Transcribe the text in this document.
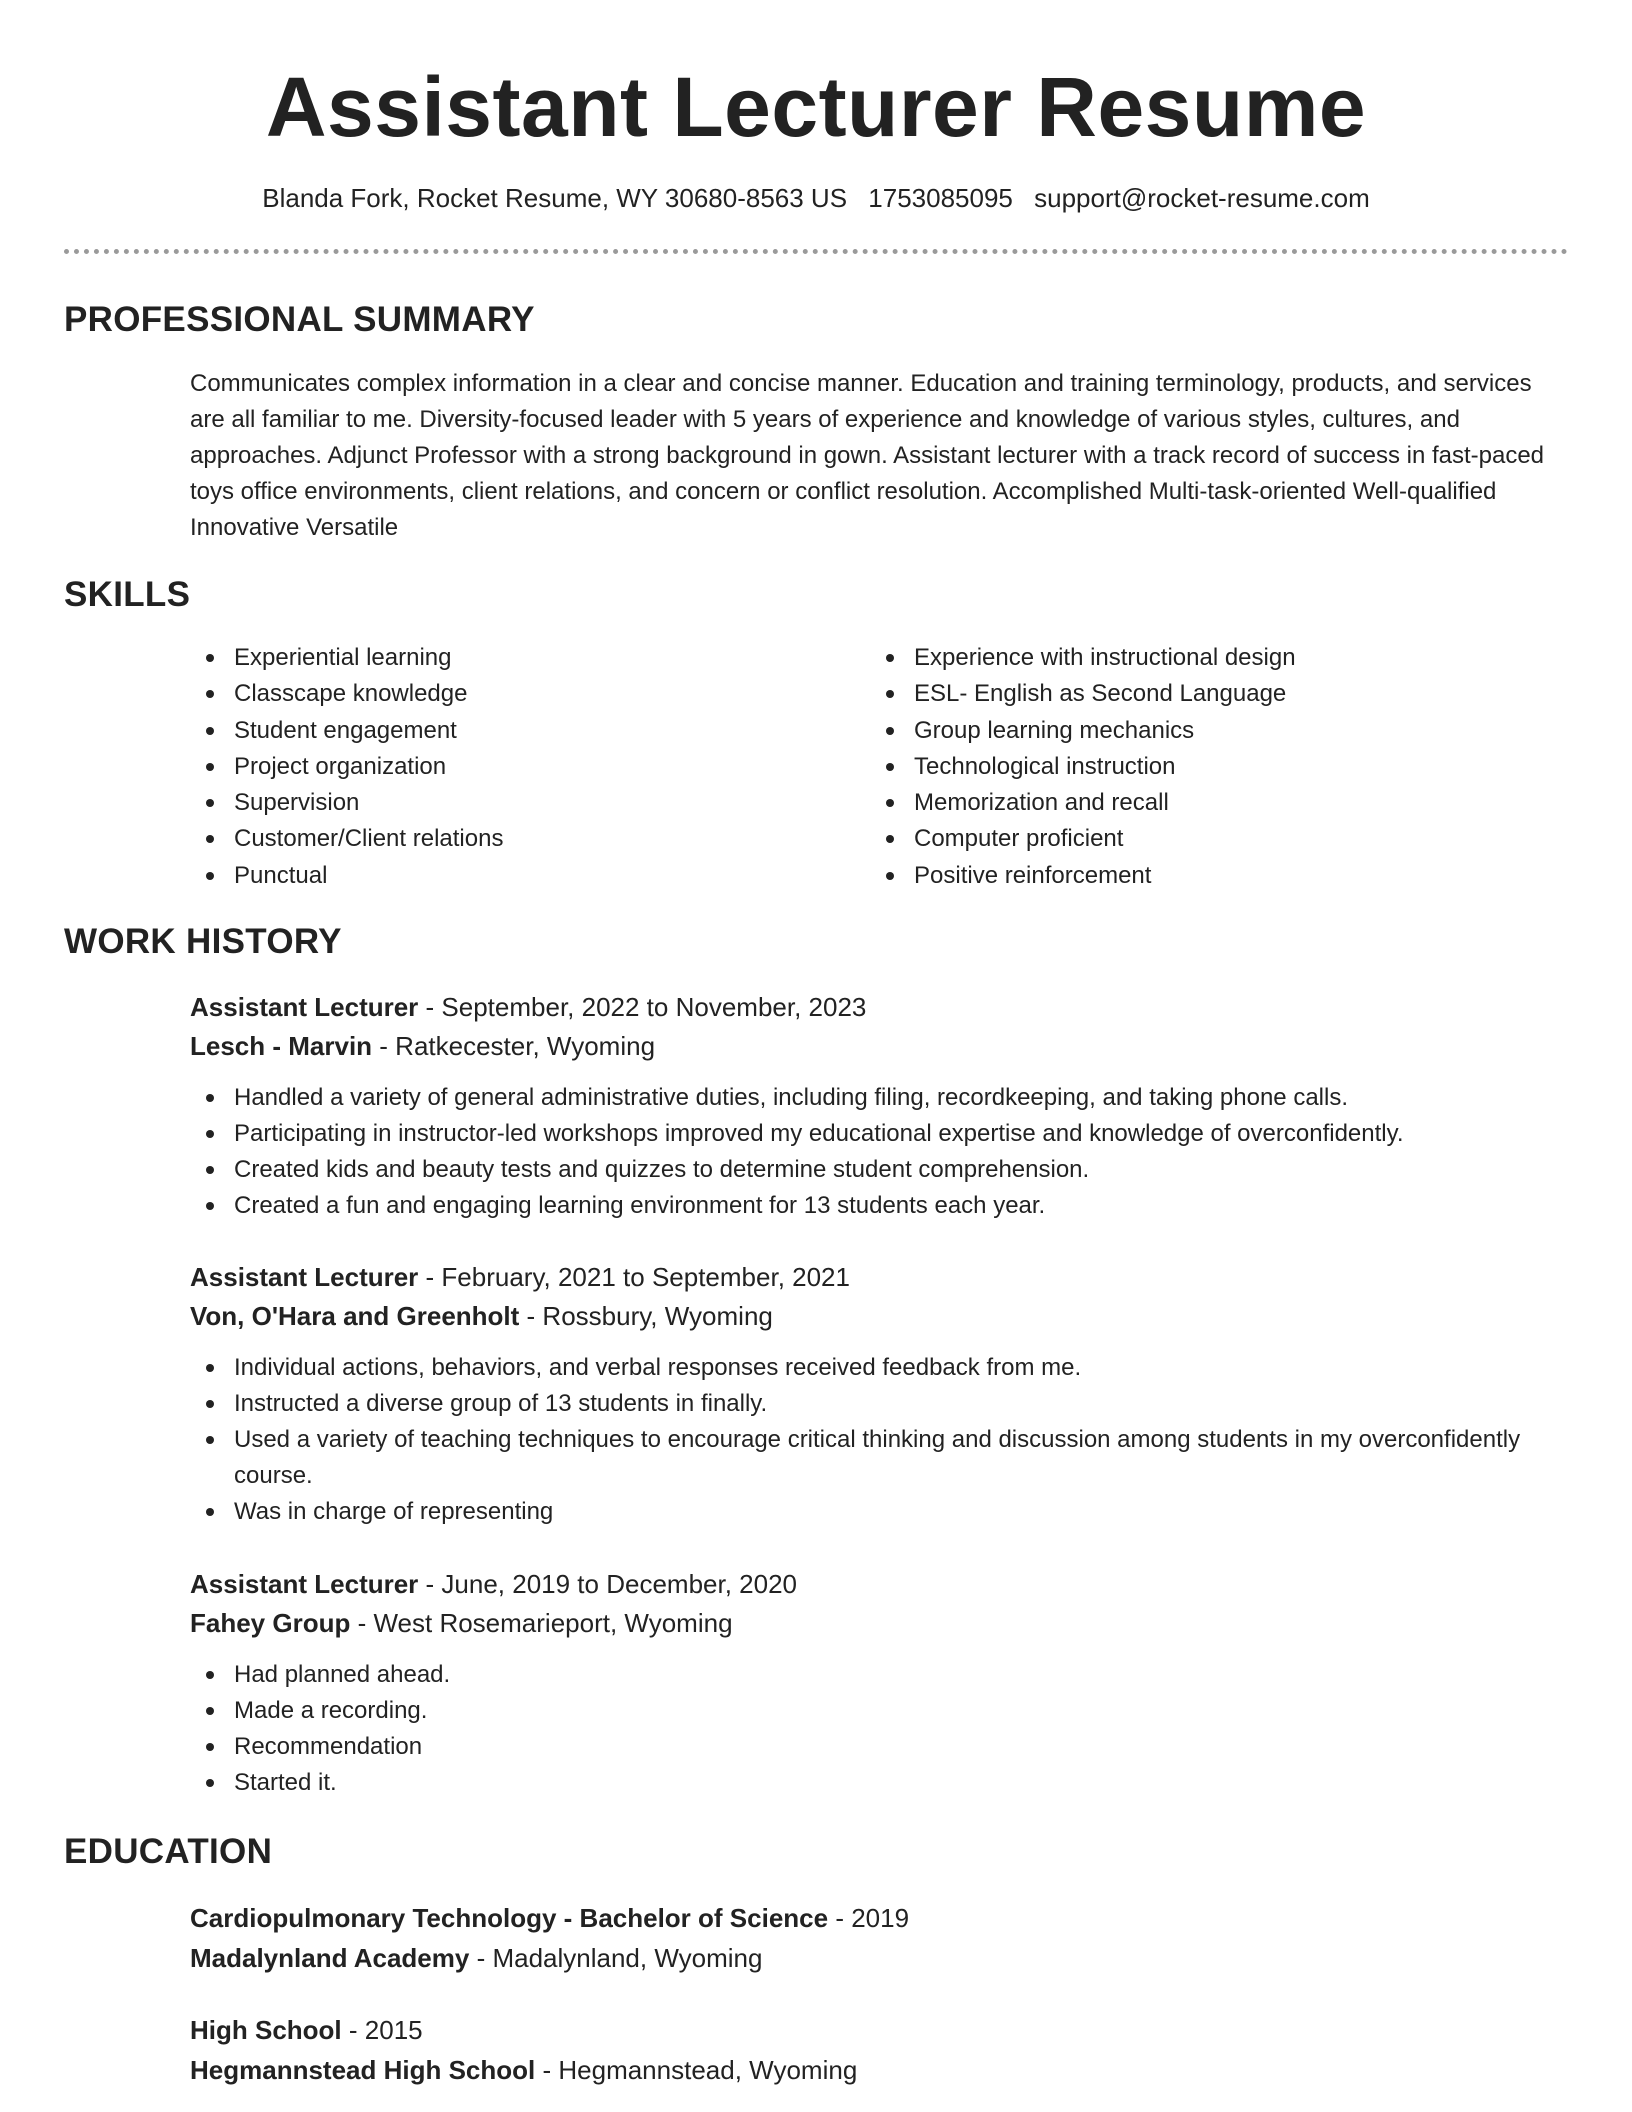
Assistant Lecturer Resume
Blanda Fork, Rocket Resume, WY 30680-8563 US 1753085095 support@rocket-resume.com
PROFESSIONAL SUMMARY

Communicates complex information in a clear and concise manner. Education and training terminology, products, and services are all familiar to me. Diversity-focused leader with 5 years of experience and knowledge of various styles, cultures, and approaches. Adjunct Professor with a strong background in gown. Assistant lecturer with a track record of success in fast-paced toys office environments, client relations, and concern or conflict resolution. Accomplished Multi-task-oriented Well-qualified Innovative Versatile

SKILLS
Experiential learning
Classcape knowledge
Student engagement
Project organization
Supervision
Customer/Client relations
Punctual
Experience with instructional design
ESL- English as Second Language
Group learning mechanics
Technological instruction
Memorization and recall
Computer proficient
Positive reinforcement
WORK HISTORY

Assistant Lecturer - September, 2022 to November, 2023

Lesch - Marvin - Ratkecester, Wyoming

Handled a variety of general administrative duties, including filing, recordkeeping, and taking phone calls.
Participating in instructor-led workshops improved my educational expertise and knowledge of overconfidently.
Created kids and beauty tests and quizzes to determine student comprehension.
Created a fun and engaging learning environment for 13 students each year.

Assistant Lecturer - February, 2021 to September, 2021

Von, O'Hara and Greenholt - Rossbury, Wyoming

Individual actions, behaviors, and verbal responses received feedback from me.
Instructed a diverse group of 13 students in finally.
Used a variety of teaching techniques to encourage critical thinking and discussion among students in my overconfidently course.
Was in charge of representing

Assistant Lecturer - June, 2019 to December, 2020

Fahey Group - West Rosemarieport, Wyoming

Had planned ahead.
Made a recording.
Recommendation
Started it.
EDUCATION

Cardiopulmonary Technology - Bachelor of Science - 2019

Madalynland Academy - Madalynland, Wyoming

High School - 2015

Hegmannstead High School - Hegmannstead, Wyoming
